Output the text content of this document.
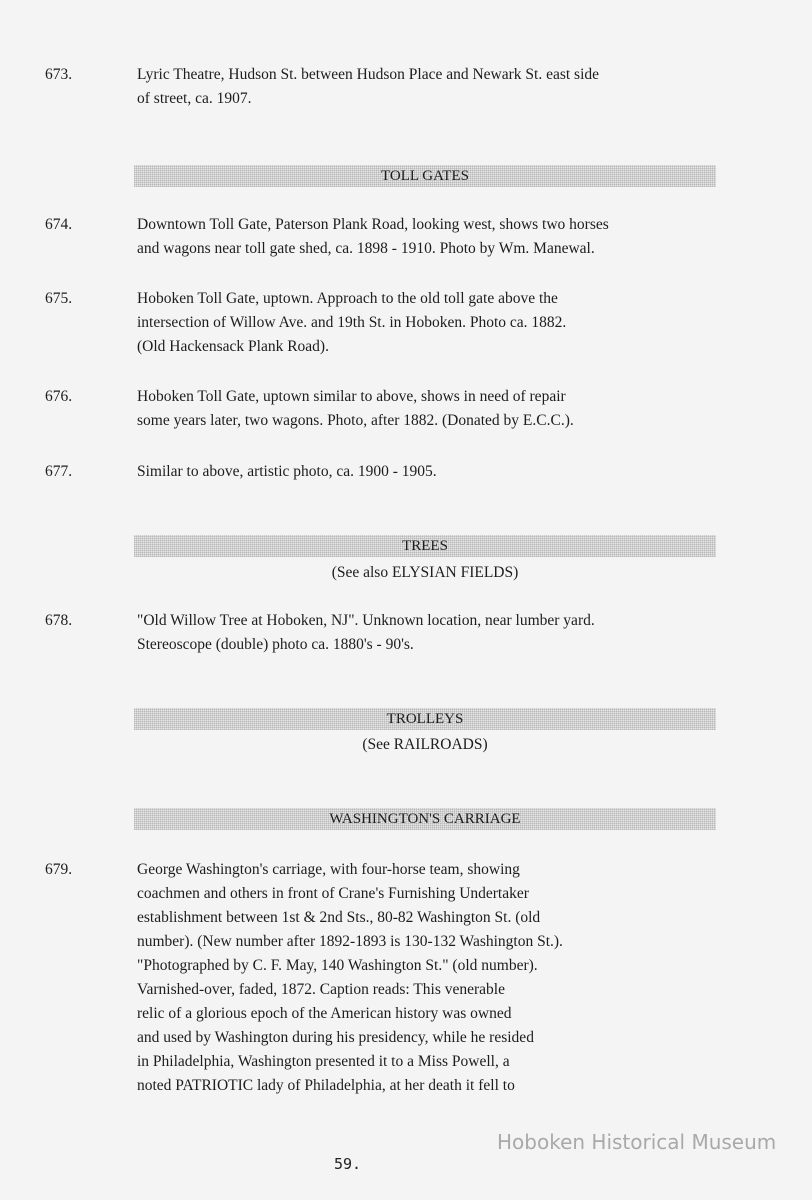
673.	Lyric Theatre, Hudson St. between Hudson Place and Newark St. east side
of street, ca. 1907.
TOLL GATES
674.	Downtown Toll Gate, Paterson Plank Road, looking west, shows two horses
and wagons near toll gate shed, ca. 1898 - 1910. Photo by Wm. Manewal.
675.	Hoboken Toll Gate, uptown. Approach to the old toll gate above the
intersection of Willow Ave. and 19th St. in Hoboken. Photo ca. 1882.
(Old Hackensack Plank Road).
676.	Hoboken Toll Gate, uptown similar to above, shows in need of repair
some years later, two wagons. Photo, after 1882. (Donated by E.C.C.).
677.	Similar to above, artistic photo, ca. 1900 - 1905.
TREES
(See also ELYSIAN FIELDS)
678.	"Old Willow Tree at Hoboken, NJ". Unknown location, near lumber yard.
Stereoscope (double) photo ca. 1880's - 90's.
TROLLEYS
(See RAILROADS)
WASHINGTON'S CARRIAGE
679.	George Washington's carriage, with four-horse team, showing
coachmen and others in front of Crane's Furnishing Undertaker
establishment between 1st & 2nd Sts., 80-82 Washington St. (old
number). (New number after 1892-1893 is 130-132 Washington St.).
"Photographed by C. F. May, 140 Washington St." (old number).
Varnished-over, faded, 1872. Caption reads: This venerable
relic of a glorious epoch of the American history was owned
and used by Washington during his presidency, while he resided
in Philadelphia, Washington presented it to a Miss Powell, a
noted PATRIOTIC lady of Philadelphia, at her death it fell to
Hoboken Historical Museum
59.
